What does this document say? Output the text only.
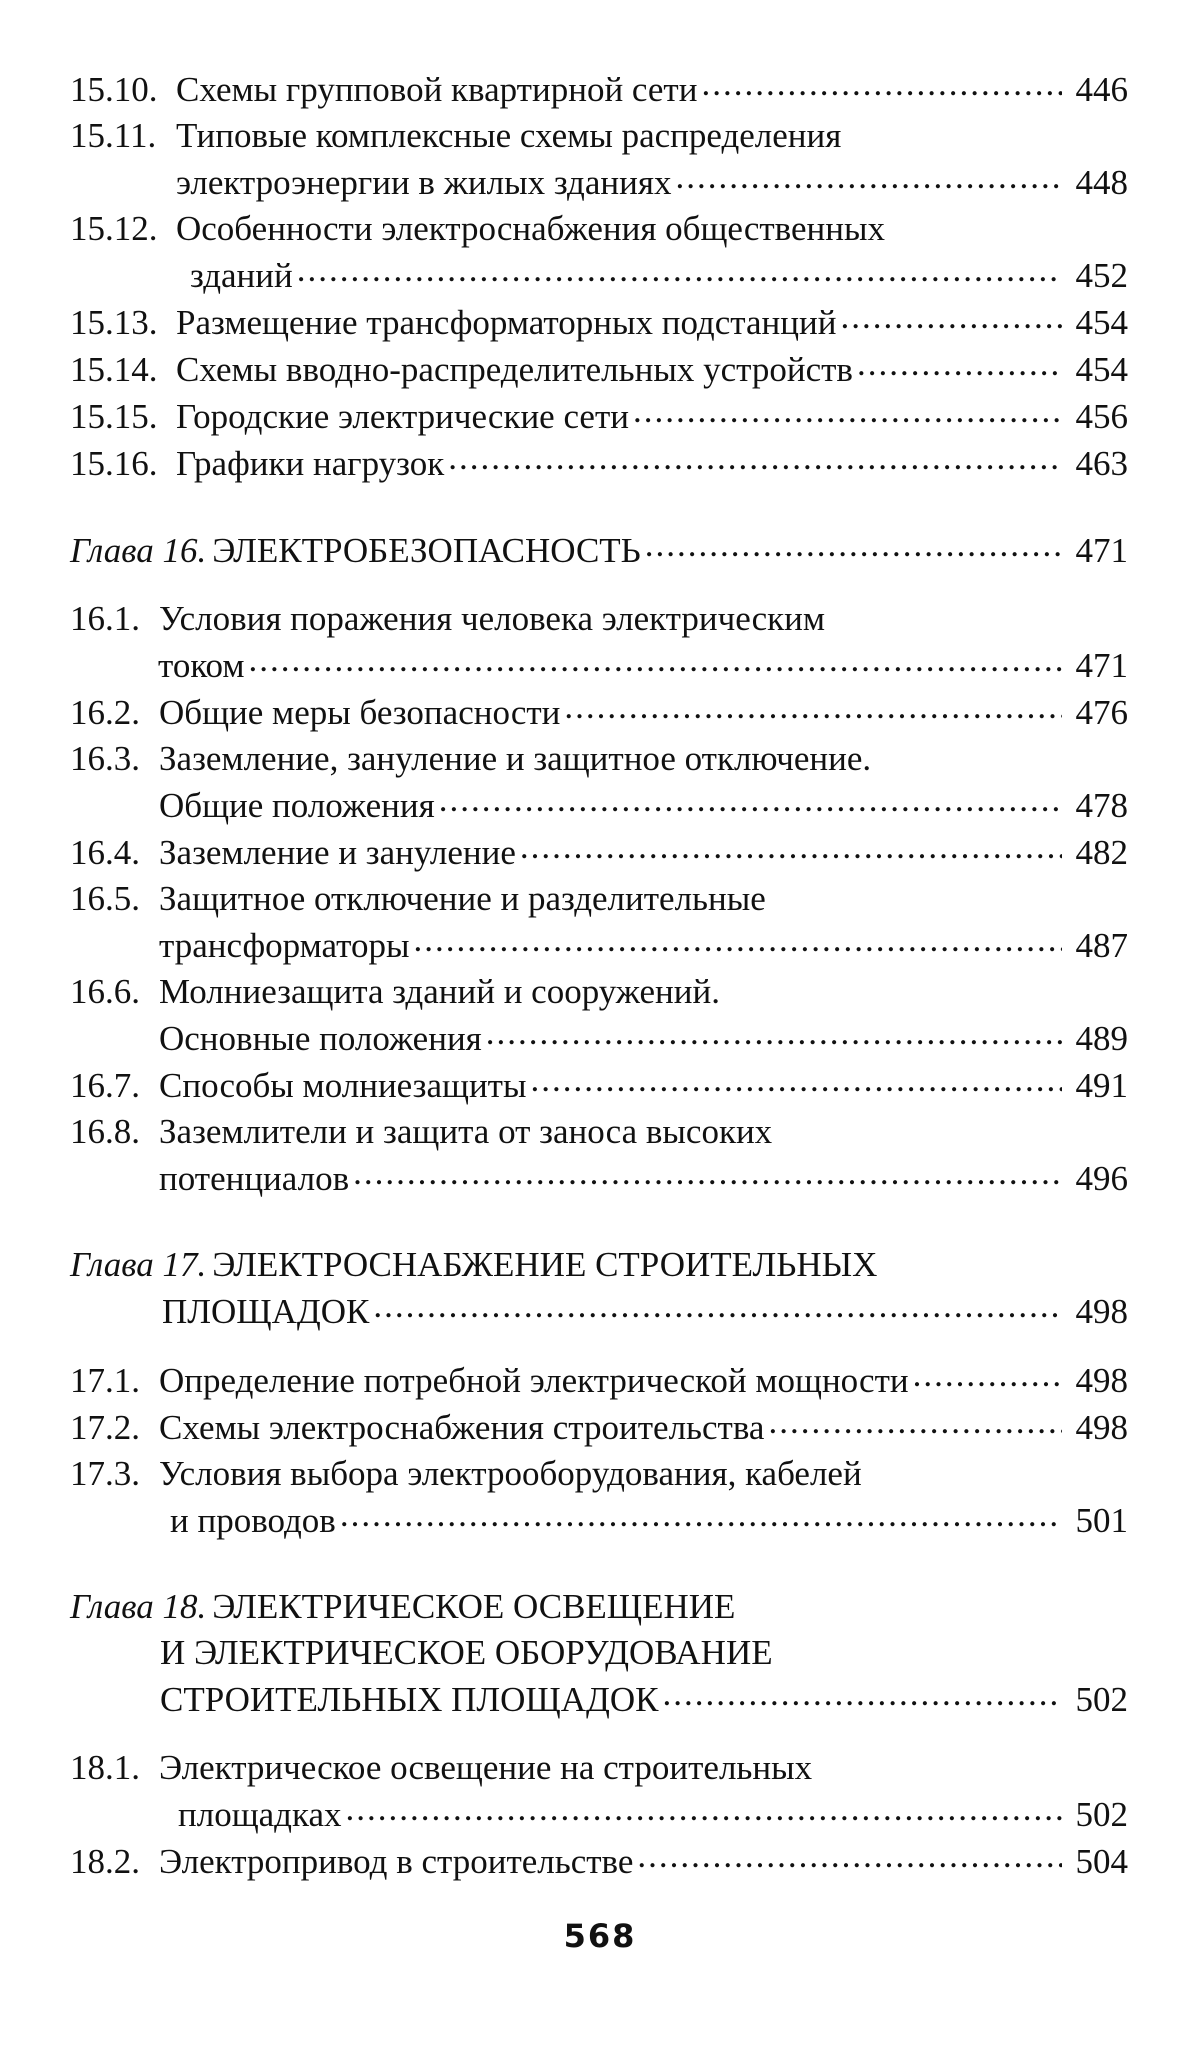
15.10. Схемы групповой квартирной сети .....	446
15.11. Типовые комплексные схемы распределения
электроэнергии в жилых зданиях .....	448
15.12. Особенности электроснабжения общественных
зданий .....	452
15.13. Размещение трансформаторных подстанций .....	454
15.14. Схемы вводно-распределительных устройств .....	454
15.15. Городские электрические сети .....	456
15.16. Графики нагрузок .....	463
Глава 16. ЭЛЕКТРОБЕЗОПАСНОСТЬ .....	471
16.1. Условия поражения человека электрическим
током .....	471
16.2. Общие меры безопасности .....	476
16.3. Заземление, зануление и защитное отключение.
Общие положения .....	478
16.4. Заземление и зануление .....	482
16.5. Защитное отключение и разделительные
трансформаторы .....	487
16.6. Молниезащита зданий и сооружений.
Основные положения .....	489
16.7. Способы молниезащиты .....	491
16.8. Заземлители и защита от заноса высоких
потенциалов .....	496
Глава 17. ЭЛЕКТРОСНАБЖЕНИЕ СТРОИТЕЛЬНЫХ
ПЛОЩАДОК .....	498
17.1. Определение потребной электрической мощности .....	498
17.2. Схемы электроснабжения строительства .....	498
17.3. Условия выбора электрооборудования, кабелей
и проводов .....	501
Глава 18. ЭЛЕКТРИЧЕСКОЕ ОСВЕЩЕНИЕ
И ЭЛЕКТРИЧЕСКОЕ ОБОРУДОВАНИЕ
СТРОИТЕЛЬНЫХ ПЛОЩАДОК .....	502
18.1. Электрическое освещение на строительных
площадках .....	502
18.2. Электропривод в строительстве .....	504
568
